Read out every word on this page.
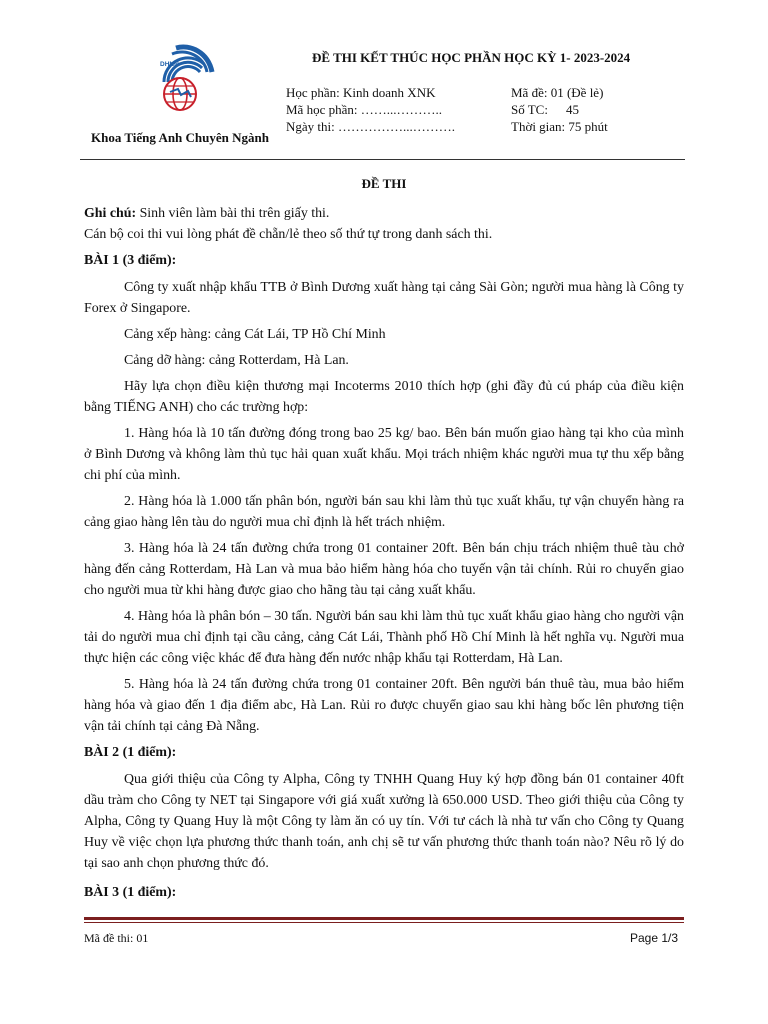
DHNN
Khoa Tiếng Anh Chuyên Ngành
ĐỀ THI KẾT THÚC HỌC PHẦN HỌC KỲ 1- 2023-2024
Học phần: Kinh doanh XNK
Mã học phần: ……...………..
Ngày thi: ……………...……….
Mã đề: 01 (Đề lẻ)
Số TC: 45
Thời gian: 75 phút
ĐỀ THI

Ghi chú: Sinh viên làm bài thi trên giấy thi.

Cán bộ coi thi vui lòng phát đề chẵn/lẻ theo số thứ tự trong danh sách thi.

BÀI 1 (3 điểm):

Công ty xuất nhập khẩu TTB ở Bình Dương xuất hàng tại cảng Sài Gòn; người mua hàng là Công ty Forex ở Singapore.

Cảng xếp hàng: cảng Cát Lái, TP Hồ Chí Minh

Cảng dỡ hàng: cảng Rotterdam, Hà Lan.

Hãy lựa chọn điều kiện thương mại Incoterms 2010 thích hợp (ghi đầy đủ cú pháp của điều kiện bằng TIẾNG ANH) cho các trường hợp:

1. Hàng hóa là 10 tấn đường đóng trong bao 25 kg/ bao. Bên bán muốn giao hàng tại kho của mình ở Bình Dương và không làm thủ tục hải quan xuất khẩu. Mọi trách nhiệm khác người mua tự thu xếp bằng chi phí của mình.

2. Hàng hóa là 1.000 tấn phân bón, người bán sau khi làm thủ tục xuất khẩu, tự vận chuyển hàng ra cảng giao hàng lên tàu do người mua chỉ định là hết trách nhiệm.

3. Hàng hóa là 24 tấn đường chứa trong 01 container 20ft. Bên bán chịu trách nhiệm thuê tàu chở hàng đến cảng Rotterdam, Hà Lan và mua bảo hiểm hàng hóa cho tuyến vận tải chính. Rủi ro chuyển giao cho người mua từ khi hàng được giao cho hãng tàu tại cảng xuất khẩu.

4. Hàng hóa là phân bón – 30 tấn. Người bán sau khi làm thủ tục xuất khẩu giao hàng cho người vận tải do người mua chỉ định tại cầu cảng, cảng Cát Lái, Thành phố Hồ Chí Minh là hết nghĩa vụ. Người mua thực hiện các công việc khác để đưa hàng đến nước nhập khẩu tại Rotterdam, Hà Lan.

5. Hàng hóa là 24 tấn đường chứa trong 01 container 20ft. Bên người bán thuê tàu, mua bảo hiểm hàng hóa và giao đến 1 địa điểm abc, Hà Lan. Rủi ro được chuyển giao sau khi hàng bốc lên phương tiện vận tải chính tại cảng Đà Nẵng.

BÀI 2 (1 điểm):

Qua giới thiệu của Công ty Alpha, Công ty TNHH Quang Huy ký hợp đồng bán 01 container 40ft dầu tràm cho Công ty NET tại Singapore với giá xuất xưởng là 650.000 USD. Theo giới thiệu của Công ty Alpha, Công ty Quang Huy là một Công ty làm ăn có uy tín. Với tư cách là nhà tư vấn cho Công ty Quang Huy về việc chọn lựa phương thức thanh toán, anh chị sẽ tư vấn phương thức thanh toán nào? Nêu rõ lý do tại sao anh chọn phương thức đó.

BÀI 3 (1 điểm):

Mã đề thi: 01	Page 1/3
